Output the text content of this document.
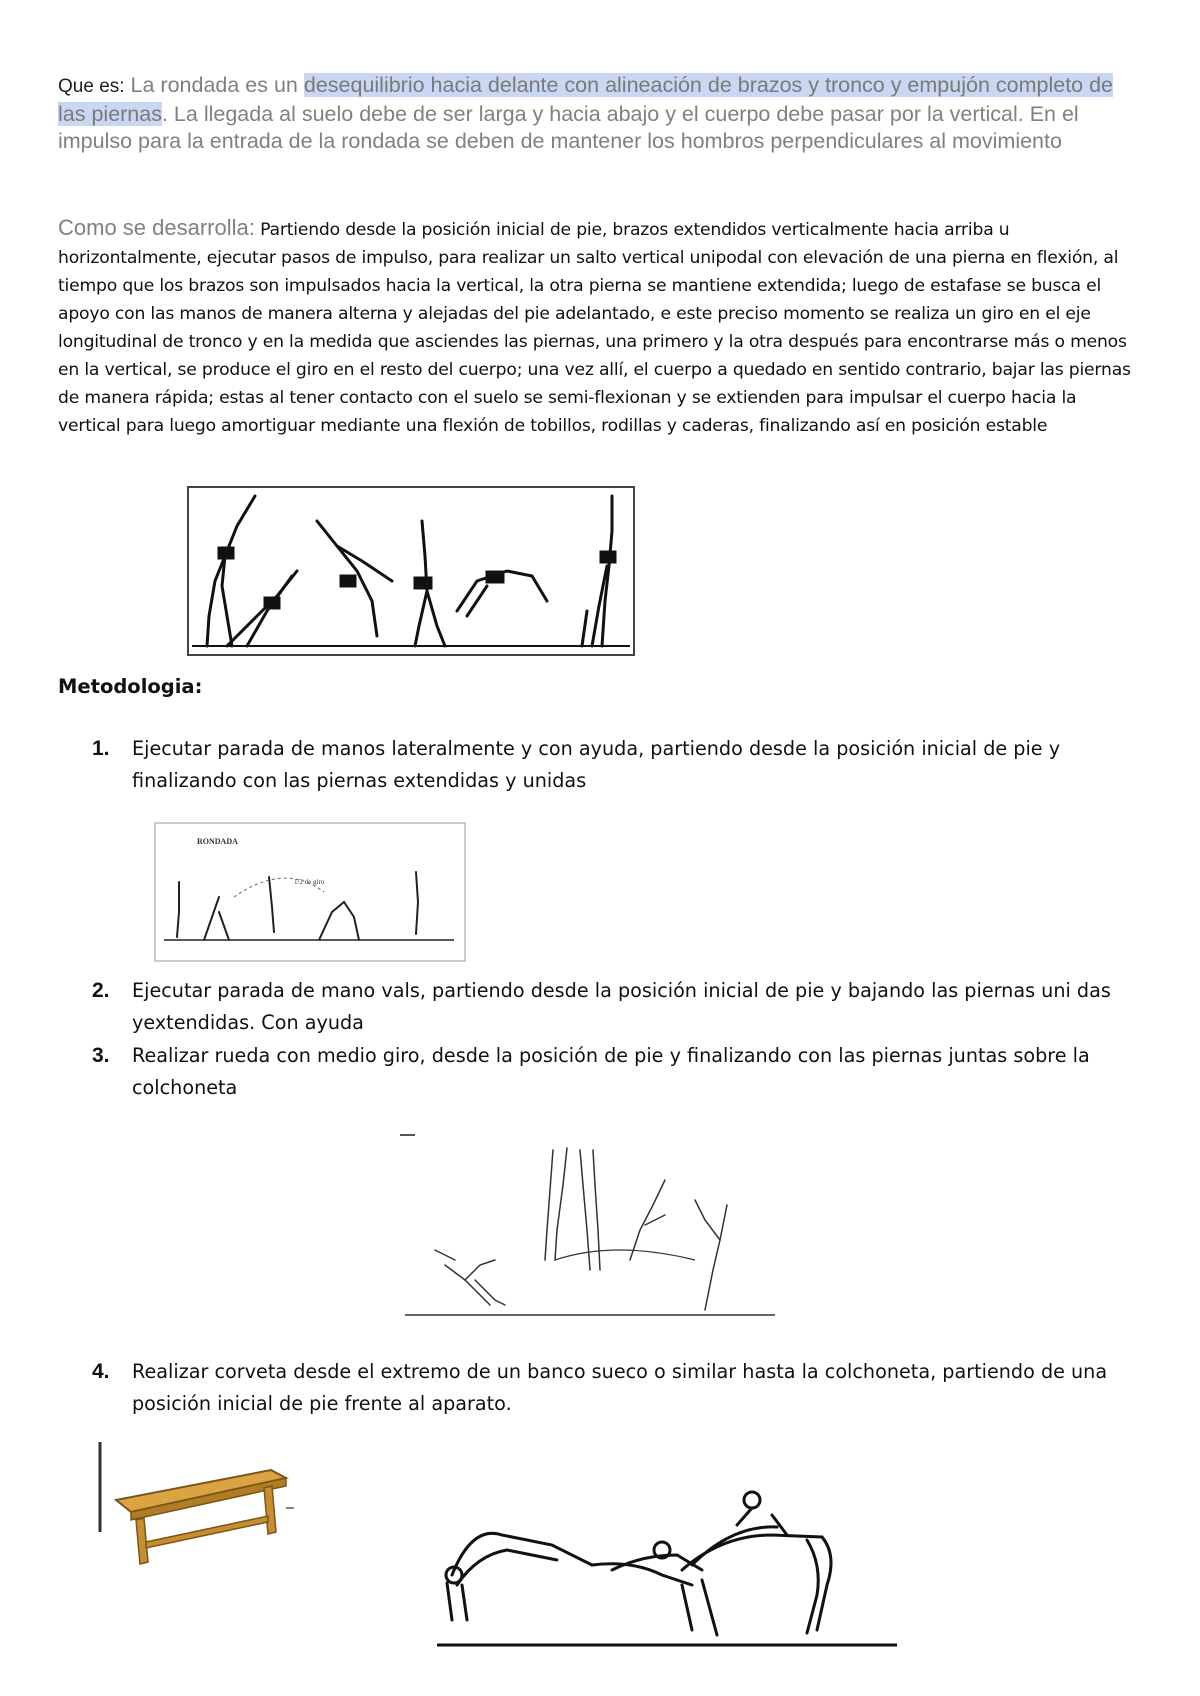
Que es: La rondada es un desequilibrio hacia delante con alineación de brazos y tronco y empujón completo de las piernas. La llegada al suelo debe de ser larga y hacia abajo y el cuerpo debe pasar por la vertical. En el impulso para la entrada de la rondada se deben de mantener los hombros perpendiculares al movimiento
Como se desarrolla: Partiendo desde la posición inicial de pie, brazos extendidos verticalmente hacia arriba u horizontalmente, ejecutar pasos de impulso, para realizar un salto vertical unipodal con elevación de una pierna en flexión, al tiempo que los brazos son impulsados hacia la vertical, la otra pierna se mantiene extendida; luego de estafase se busca el apoyo con las manos de manera alterna y alejadas del pie adelantado, e este preciso momento se realiza un giro en el eje longitudinal de tronco y en la medida que asciendes las piernas, una primero y la otra después para encontrarse más o menos en la vertical, se produce el giro en el resto del cuerpo; una vez allí, el cuerpo a quedado en sentido contrario, bajar las piernas de manera rápida; estas al tener contacto con el suelo se semi-flexionan y se extienden para impulsar el cuerpo hacia la vertical para luego amortiguar mediante una flexión de tobillos, rodillas y caderas, finalizando así en posición estable
Metodologia:
1. Ejecutar parada de manos lateralmente y con ayuda, partiendo desde la posición inicial de pie y finalizando con las piernas extendidas y unidas
RONDADA
1/2 de giro
2. Ejecutar parada de mano vals, partiendo desde la posición inicial de pie y bajando las piernas uni das yextendidas. Con ayuda
3. Realizar rueda con medio giro, desde la posición de pie y finalizando con las piernas juntas sobre la colchoneta
4. Realizar corveta desde el extremo de un banco sueco o similar hasta la colchoneta, partiendo de una posición inicial de pie frente al aparato.
